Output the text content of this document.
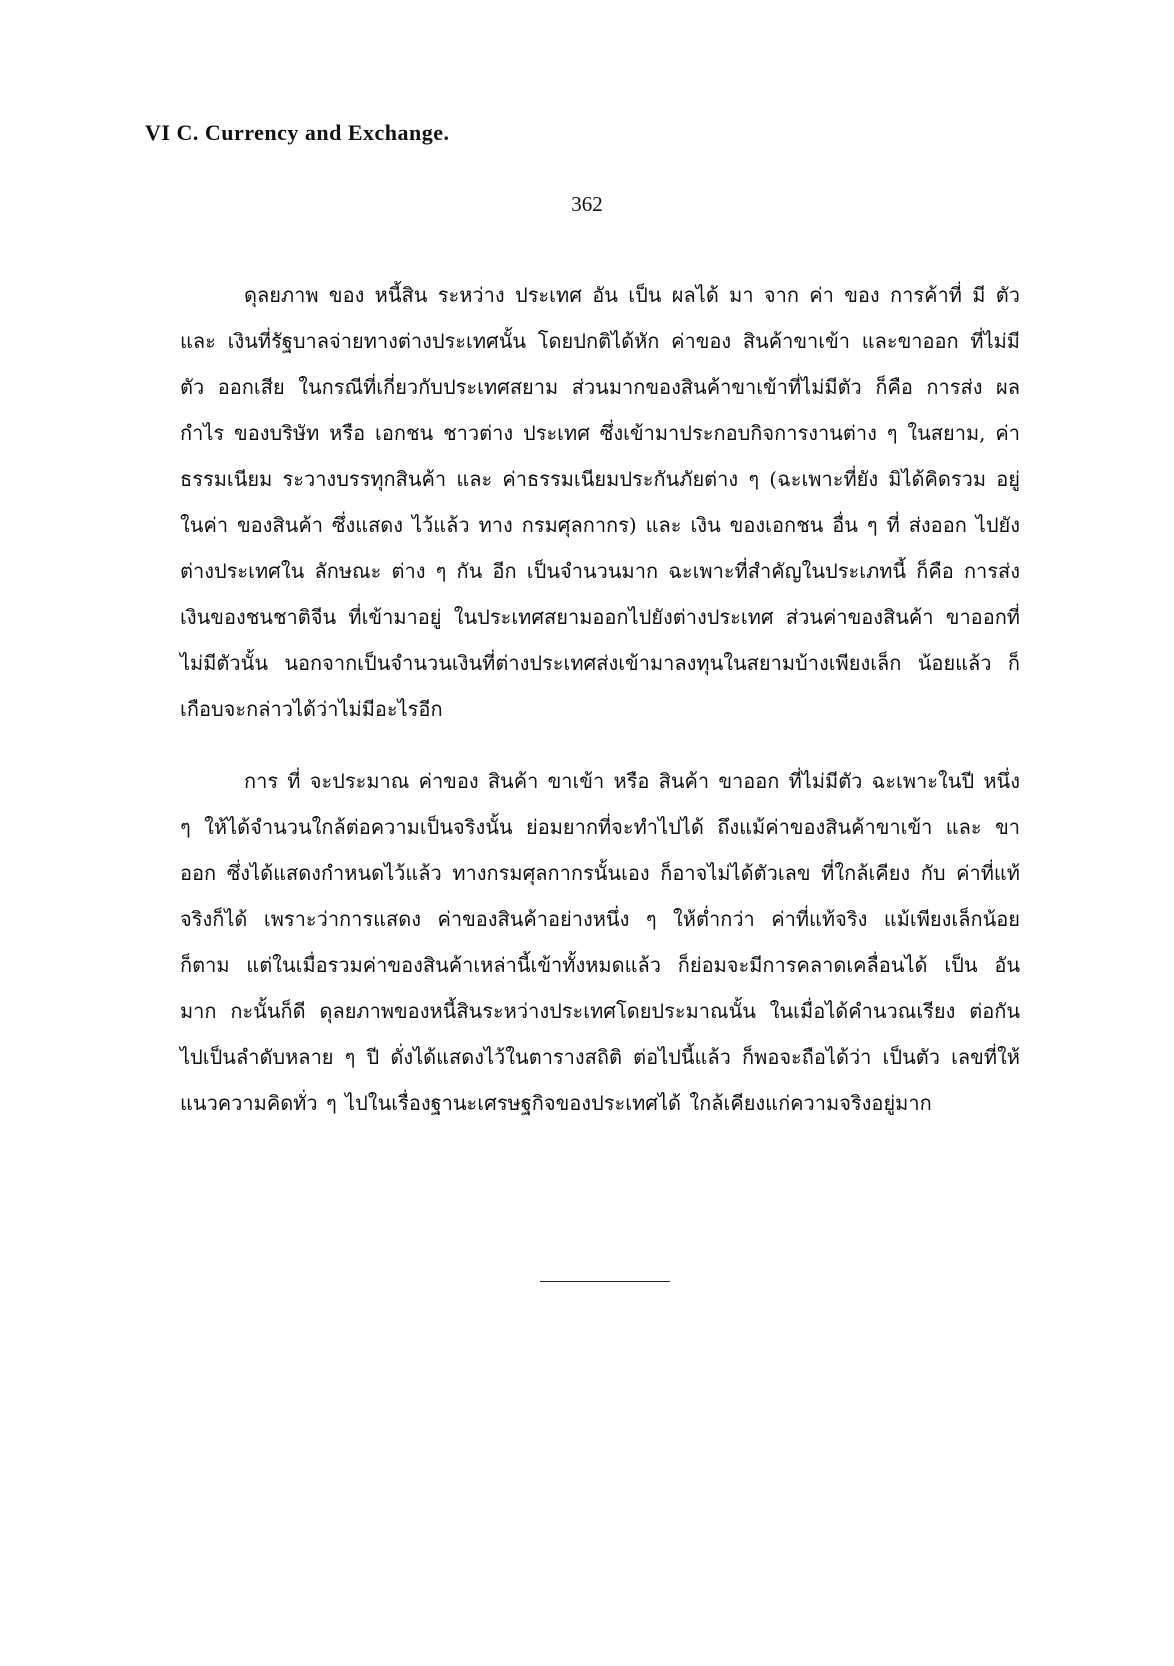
VI C. Currency and Exchange.
362

ดุลยภาพ ของ หนี้สิน ระหว่าง ประเทศ อัน เป็น ผลได้ มา จาก ค่า ของ การค้าที่ มี ตัว และ เงินที่รัฐบาลจ่ายทางต่างประเทศนั้น โดยปกติได้หัก ค่าของ สินค้าขาเข้า และขาออก ที่ไม่มีตัว ออกเสีย ในกรณีที่เกี่ยวกับประเทศสยาม ส่วนมากของสินค้าขาเข้าที่ไม่มีตัว ก็คือ การส่ง ผลกำไร ของบริษัท หรือ เอกชน ชาวต่าง ประเทศ ซึ่งเข้ามาประกอบกิจการงานต่าง ๆ ในสยาม, ค่าธรรมเนียม ระวางบรรทุกสินค้า และ ค่าธรรมเนียมประกันภัยต่าง ๆ (ฉะเพาะที่ยัง มิได้คิดรวม อยู่ ในค่า ของสินค้า ซึ่งแสดง ไว้แล้ว ทาง กรมศุลกากร) และ เงิน ของเอกชน อื่น ๆ ที่ ส่งออก ไปยัง ต่างประเทศใน ลักษณะ ต่าง ๆ กัน อีก เป็นจำนวนมาก ฉะเพาะที่สำคัญในประเภทนี้ ก็คือ การส่งเงินของชนชาติจีน ที่เข้ามาอยู่ ในประเทศสยามออกไปยังต่างประเทศ ส่วนค่าของสินค้า ขาออกที่ไม่มีตัวนั้น นอกจากเป็นจำนวนเงินที่ต่างประเทศส่งเข้ามาลงทุนในสยามบ้างเพียงเล็ก น้อยแล้ว ก็เกือบจะกล่าวได้ว่าไม่มีอะไรอีก

การ ที่ จะประมาณ ค่าของ สินค้า ขาเข้า หรือ สินค้า ขาออก ที่ไม่มีตัว ฉะเพาะในปี หนึ่ง ๆ ให้ได้จำนวนใกล้ต่อความเป็นจริงนั้น ย่อมยากที่จะทำไปได้ ถึงแม้ค่าของสินค้าขาเข้า และ ขา ออก ซึ่งได้แสดงกำหนดไว้แล้ว ทางกรมศุลกากรนั้นเอง ก็อาจไม่ได้ตัวเลข ที่ใกล้เคียง กับ ค่าที่แท้ จริงก็ได้ เพราะว่าการแสดง ค่าของสินค้าอย่างหนึ่ง ๆ ให้ต่ำกว่า ค่าที่แท้จริง แม้เพียงเล็กน้อย ก็ตาม แต่ในเมื่อรวมค่าของสินค้าเหล่านี้เข้าทั้งหมดแล้ว ก็ย่อมจะมีการคลาดเคลื่อนได้ เป็น อันมาก กะนั้นก็ดี ดุลยภาพของหนี้สินระหว่างประเทศโดยประมาณนั้น ในเมื่อได้คำนวณเรียง ต่อกันไปเป็นลำดับหลาย ๆ ปี ดั่งได้แสดงไว้ในตารางสถิติ ต่อไปนี้แล้ว ก็พอจะถือได้ว่า เป็นตัว เลขที่ให้แนวความคิดทั่ว ๆ ไปในเรื่องฐานะเศรษฐกิจของประเทศได้ ใกล้เคียงแก่ความจริงอยู่มาก
